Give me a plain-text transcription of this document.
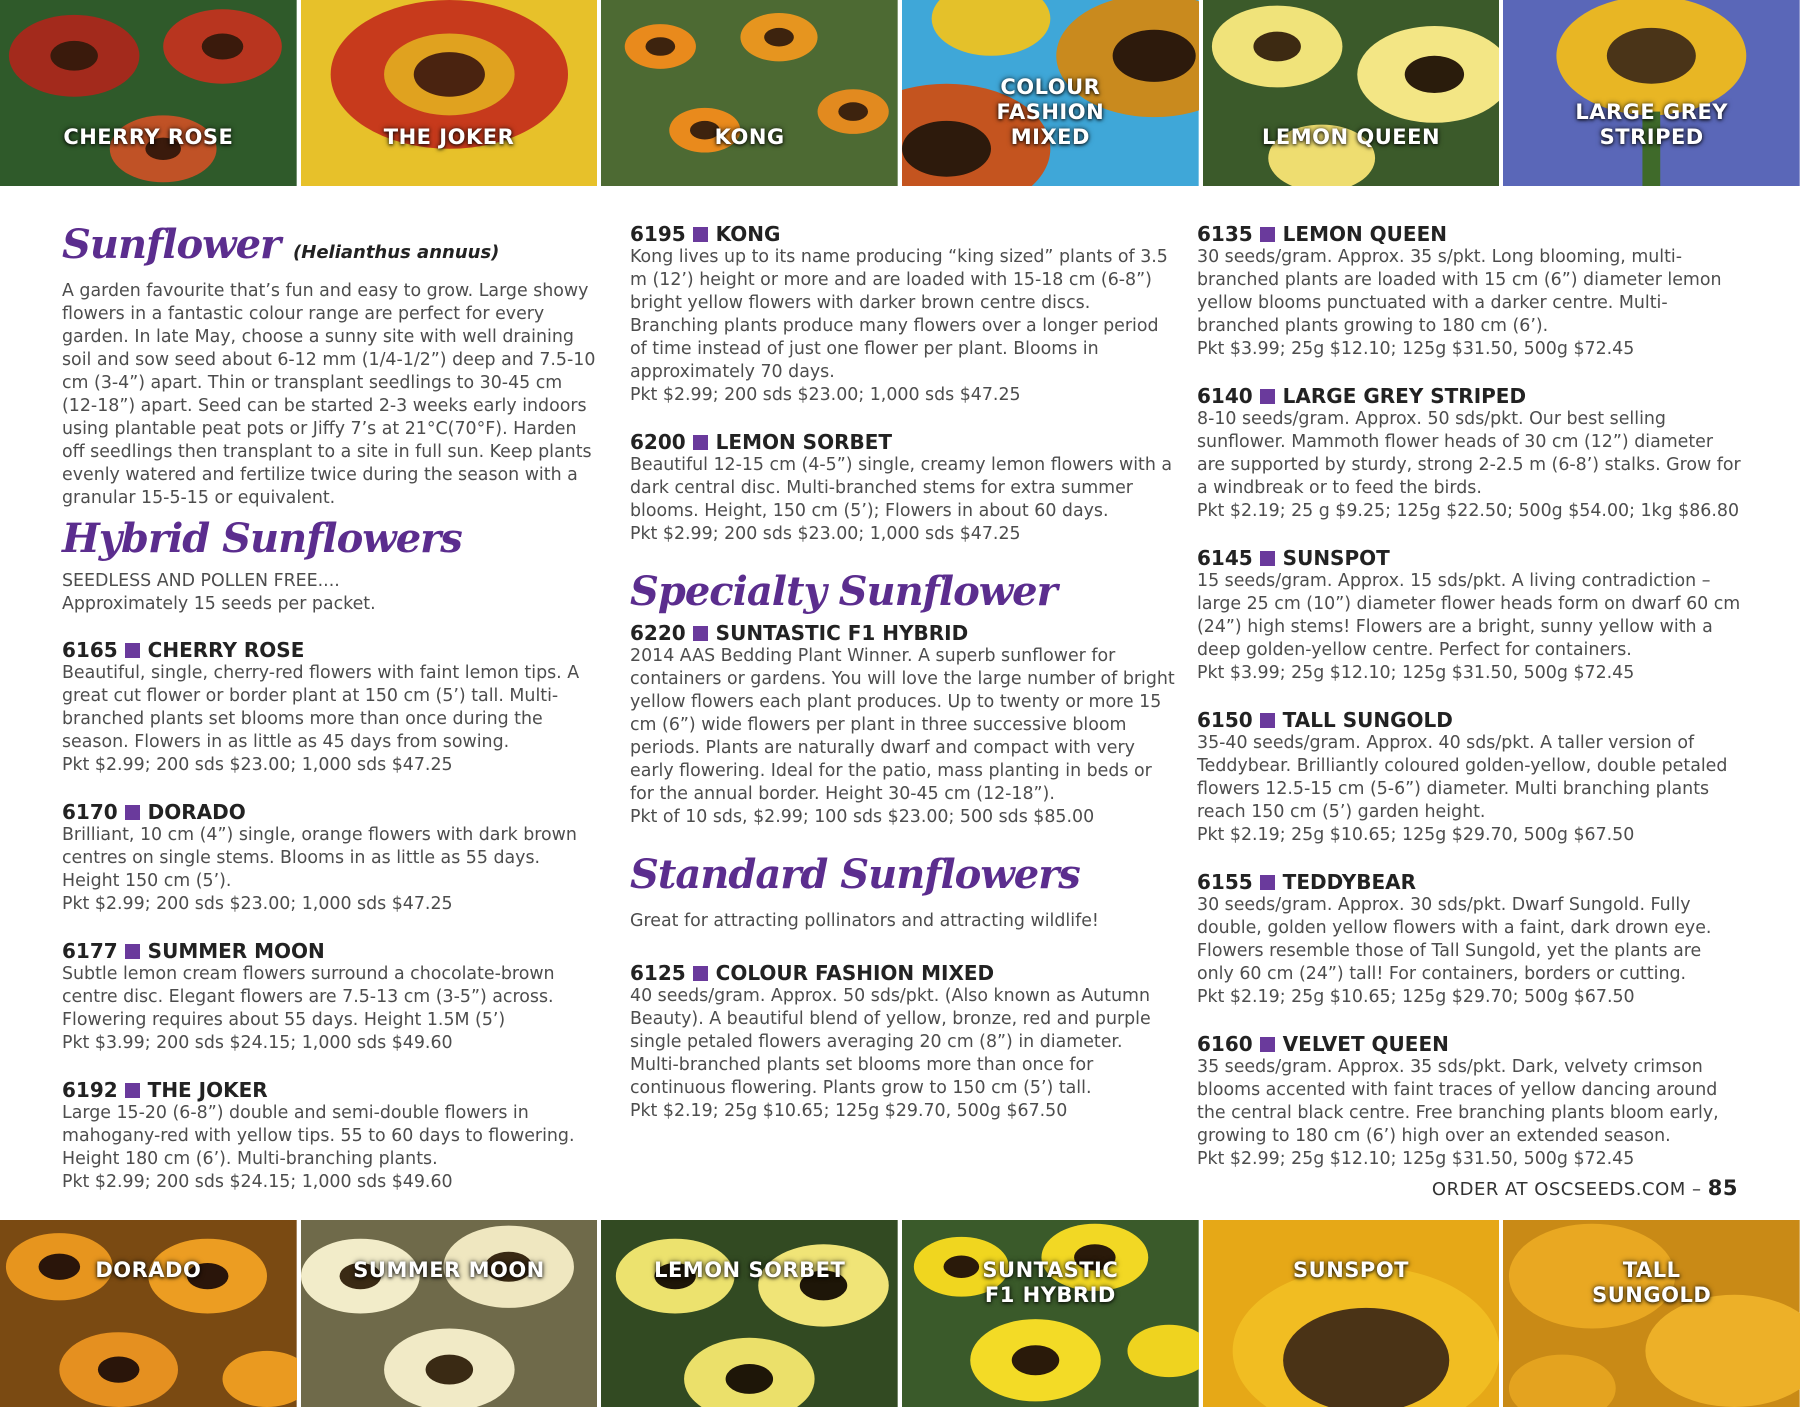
CHERRY ROSE	THE JOKER	KONG
COLOUR
FASHION
MIXED	LEMON QUEEN
LARGE GREY
STRIPED
Sunflower (Helianthus annuus)

A garden favourite that’s fun and easy to grow. Large showy flowers in a fantastic colour range are perfect for every garden. In late May, choose a sunny site with well draining soil and sow seed about 6-12 mm (1/4-1/2”) deep and 7.5-10 cm (3-4”) apart. Thin or transplant seedlings to 30-45 cm (12-18”) apart. Seed can be started 2-3 weeks early indoors using plantable peat pots or Jiffy 7’s at 21°C(70°F). Harden off seedlings then transplant to a site in full sun. Keep plants evenly watered and fertilize twice during the season with a granular 15-5-15 or equivalent.

Hybrid Sunflowers

SEEDLESS AND POLLEN FREE....
Approximately 15 seeds per packet.

6165 CHERRY ROSE

Beautiful, single, cherry-red flowers with faint lemon tips. A great cut flower or border plant at 150 cm (5’) tall. Multi-branched plants set blooms more than once during the season. Flowers in as little as 45 days from sowing.
Pkt $2.99; 200 sds $23.00; 1,000 sds $47.25

6170 DORADO

Brilliant, 10 cm (4”) single, orange flowers with dark brown centres on single stems. Blooms in as little as 55 days. Height 150 cm (5’).
Pkt $2.99; 200 sds $23.00; 1,000 sds $47.25

6177 SUMMER MOON

Subtle lemon cream flowers surround a chocolate-brown centre disc. Elegant flowers are 7.5-13 cm (3-5”) across. Flowering requires about 55 days. Height 1.5M (5’)
Pkt $3.99; 200 sds $24.15; 1,000 sds $49.60

6192 THE JOKER

Large 15-20 (6-8”) double and semi-double flowers in mahogany-red with yellow tips. 55 to 60 days to flowering. Height 180 cm (6’). Multi-branching plants.
Pkt $2.99; 200 sds $24.15; 1,000 sds $49.60

6195 KONG

Kong lives up to its name producing “king sized” plants of 3.5 m (12’) height or more and are loaded with 15-18 cm (6-8”) bright yellow flowers with darker brown centre discs. Branching plants produce many flowers over a longer period of time instead of just one flower per plant. Blooms in approximately 70 days.
Pkt $2.99; 200 sds $23.00; 1,000 sds $47.25

6200 LEMON SORBET

Beautiful 12-15 cm (4-5”) single, creamy lemon flowers with a dark central disc. Multi-branched stems for extra summer blooms. Height, 150 cm (5’); Flowers in about 60 days.
Pkt $2.99; 200 sds $23.00; 1,000 sds $47.25

Specialty Sunflower
6220 SUNTASTIC F1 HYBRID

2014 AAS Bedding Plant Winner. A superb sunflower for containers or gardens. You will love the large number of bright yellow flowers each plant produces. Up to twenty or more 15 cm (6”) wide flowers per plant in three successive bloom periods. Plants are naturally dwarf and compact with very early flowering. Ideal for the patio, mass planting in beds or for the annual border. Height 30-45 cm (12-18”).
Pkt of 10 sds, $2.99; 100 sds $23.00; 500 sds $85.00

Standard Sunflowers

Great for attracting pollinators and attracting wildlife!

6125 COLOUR FASHION MIXED

40 seeds/gram. Approx. 50 sds/pkt. (Also known as Autumn Beauty). A beautiful blend of yellow, bronze, red and purple single petaled flowers averaging 20 cm (8”) in diameter. Multi-branched plants set blooms more than once for continuous flowering. Plants grow to 150 cm (5’) tall.
Pkt $2.19; 25g $10.65; 125g $29.70, 500g $67.50

6135 LEMON QUEEN

30 seeds/gram. Approx. 35 s/pkt. Long blooming, multi-branched plants are loaded with 15 cm (6”) diameter lemon yellow blooms punctuated with a darker centre. Multi-branched plants growing to 180 cm (6’).
Pkt $3.99; 25g $12.10; 125g $31.50, 500g $72.45

6140 LARGE GREY STRIPED

8-10 seeds/gram. Approx. 50 sds/pkt. Our best selling sunflower. Mammoth flower heads of 30 cm (12”) diameter are supported by sturdy, strong 2-2.5 m (6-8’) stalks. Grow for a windbreak or to feed the birds.
Pkt $2.19; 25 g $9.25; 125g $22.50; 500g $54.00; 1kg $86.80

6145 SUNSPOT

15 seeds/gram. Approx. 15 sds/pkt. A living contradiction – large 25 cm (10”) diameter flower heads form on dwarf 60 cm (24”) high stems! Flowers are a bright, sunny yellow with a deep golden-yellow centre. Perfect for containers.
Pkt $3.99; 25g $12.10; 125g $31.50, 500g $72.45

6150 TALL SUNGOLD

35-40 seeds/gram. Approx. 40 sds/pkt. A taller version of Teddybear. Brilliantly coloured golden-yellow, double petaled flowers 12.5-15 cm (5-6”) diameter. Multi branching plants reach 150 cm (5’) garden height.
Pkt $2.19; 25g $10.65; 125g $29.70, 500g $67.50

6155 TEDDYBEAR

30 seeds/gram. Approx. 30 sds/pkt. Dwarf Sungold. Fully double, golden yellow flowers with a faint, dark drown eye. Flowers resemble those of Tall Sungold, yet the plants are only 60 cm (24”) tall! For containers, borders or cutting.
Pkt $2.19; 25g $10.65; 125g $29.70; 500g $67.50

6160 VELVET QUEEN

35 seeds/gram. Approx. 35 sds/pkt. Dark, velvety crimson blooms accented with faint traces of yellow dancing around the central black centre. Free branching plants bloom early, growing to 180 cm (6’) high over an extended season.
Pkt $2.99; 25g $12.10; 125g $31.50, 500g $72.45

ORDER AT OSCSEEDS.COM – 85
DORADO	SUMMER MOON	LEMON SORBET	SUNTASTIC
F1 HYBRID
SUNSPOT	TALL
SUNGOLD
